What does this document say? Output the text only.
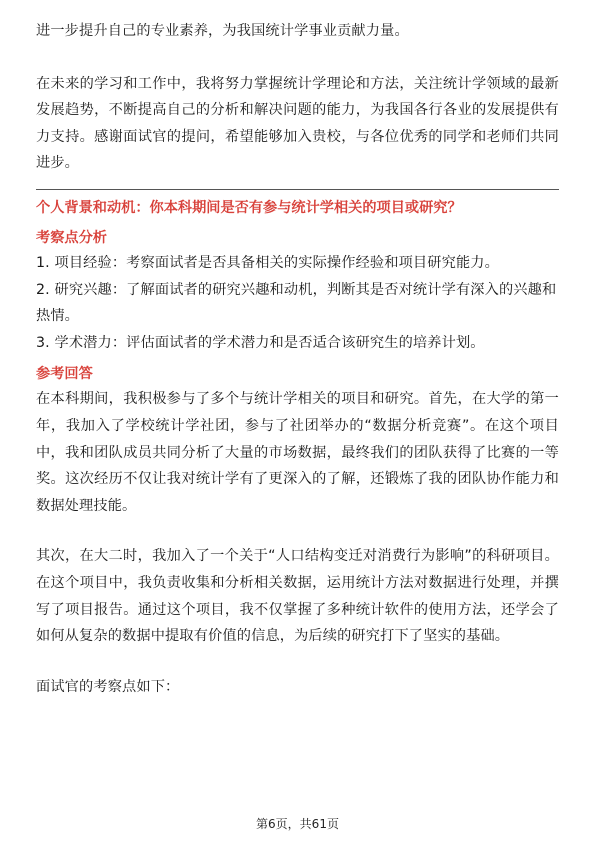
进一步提升自己的专业素养，为我国统计学事业贡献力量。

在未来的学习和工作中，我将努力掌握统计学理论和方法，关注统计学领域的最新发展趋势，不断提高自己的分析和解决问题的能力，为我国各行各业的发展提供有力支持。感谢面试官的提问，希望能够加入贵校，与各位优秀的同学和老师们共同进步。

个人背景和动机：你本科期间是否有参与统计学相关的项目或研究？

考察点分析

1. 项目经验：考察面试者是否具备相关的实际操作经验和项目研究能力。
2. 研究兴趣：了解面试者的研究兴趣和动机，判断其是否对统计学有深入的兴趣和热情。
3. 学术潜力：评估面试者的学术潜力和是否适合该研究生的培养计划。

参考回答

在本科期间，我积极参与了多个与统计学相关的项目和研究。首先，在大学的第一年，我加入了学校统计学社团，参与了社团举办的“数据分析竞赛”。在这个项目中，我和团队成员共同分析了大量的市场数据，最终我们的团队获得了比赛的一等奖。这次经历不仅让我对统计学有了更深入的了解，还锻炼了我的团队协作能力和数据处理技能。

其次，在大二时，我加入了一个关于“人口结构变迁对消费行为影响”的科研项目。在这个项目中，我负责收集和分析相关数据，运用统计方法对数据进行处理，并撰写了项目报告。通过这个项目，我不仅掌握了多种统计软件的使用方法，还学会了如何从复杂的数据中提取有价值的信息，为后续的研究打下了坚实的基础。

面试官的考察点如下：

第6页，共61页
